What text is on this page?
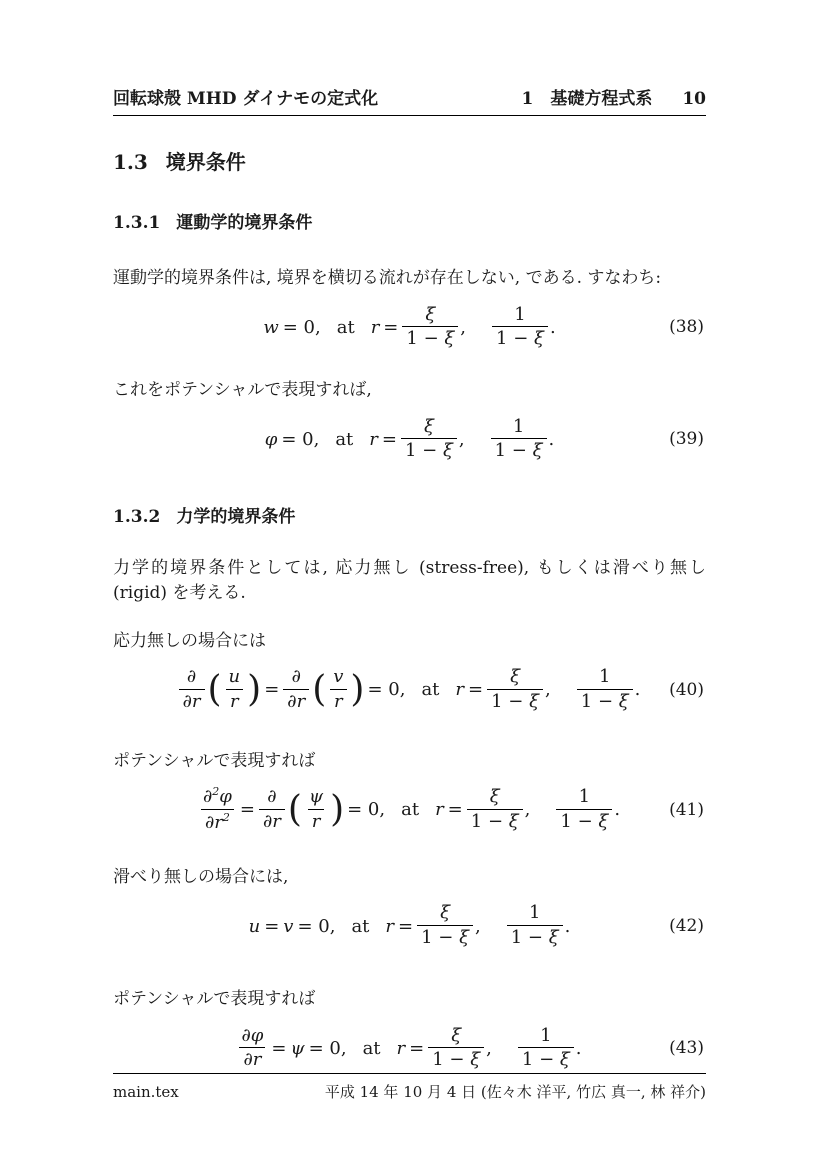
回転球殻 MHD ダイナモの定式化	1　基礎方程式系 10
1.3 境界条件
1.3.1 運動学的境界条件

運動学的境界条件は, 境界を横切る流れが存在しない, である. すなわち:

w = 0, at $r = \frac{\xi}{1 - \xi}$ , $\frac{1}{1 - \xi}$ .	(38)

これをポテンシャルで表現すれば,

φ = 0, at $r = \frac{\xi}{1 - \xi}$ , $\frac{1}{1 - \xi}$ .	(39)
1.3.2 力学的境界条件

力学的境界条件としては, 応力無し (stress-free), もしくは滑べり無し (rigid) を考える.

応力無しの場合には

$\frac{\partial}{\partial r}$ ( $\frac{u}{r}$ ) = $\frac{\partial}{\partial r}$ ( $\frac{v}{r}$ ) = 0, at $r = \frac{\xi}{1 - \xi}$ , $\frac{1}{1 - \xi}$ . (40)

ポテンシャルで表現すれば

$\frac{\partial^2\varphi}{\partial r^2} = \frac{\partial}{\partial r}$ ( $\frac{\psi}{r}$ ) = 0, at $r = \frac{\xi}{1 - \xi}$ , $\frac{1}{1 - \xi}$ .	(41)

滑べり無しの場合には,

u = v = 0, at $r = \frac{\xi}{1 - \xi}$ , $\frac{1}{1 - \xi}$ .	(42)

ポテンシャルで表現すれば

$\frac{\partial\varphi}{\partial r} = \psi = 0$, at $r = \frac{\xi}{1 - \xi}$ , $\frac{1}{1 - \xi}$ .	(43)
main.tex	平成 14 年 10 月 4 日 (佐々木 洋平, 竹広 真一, 林 祥介)
